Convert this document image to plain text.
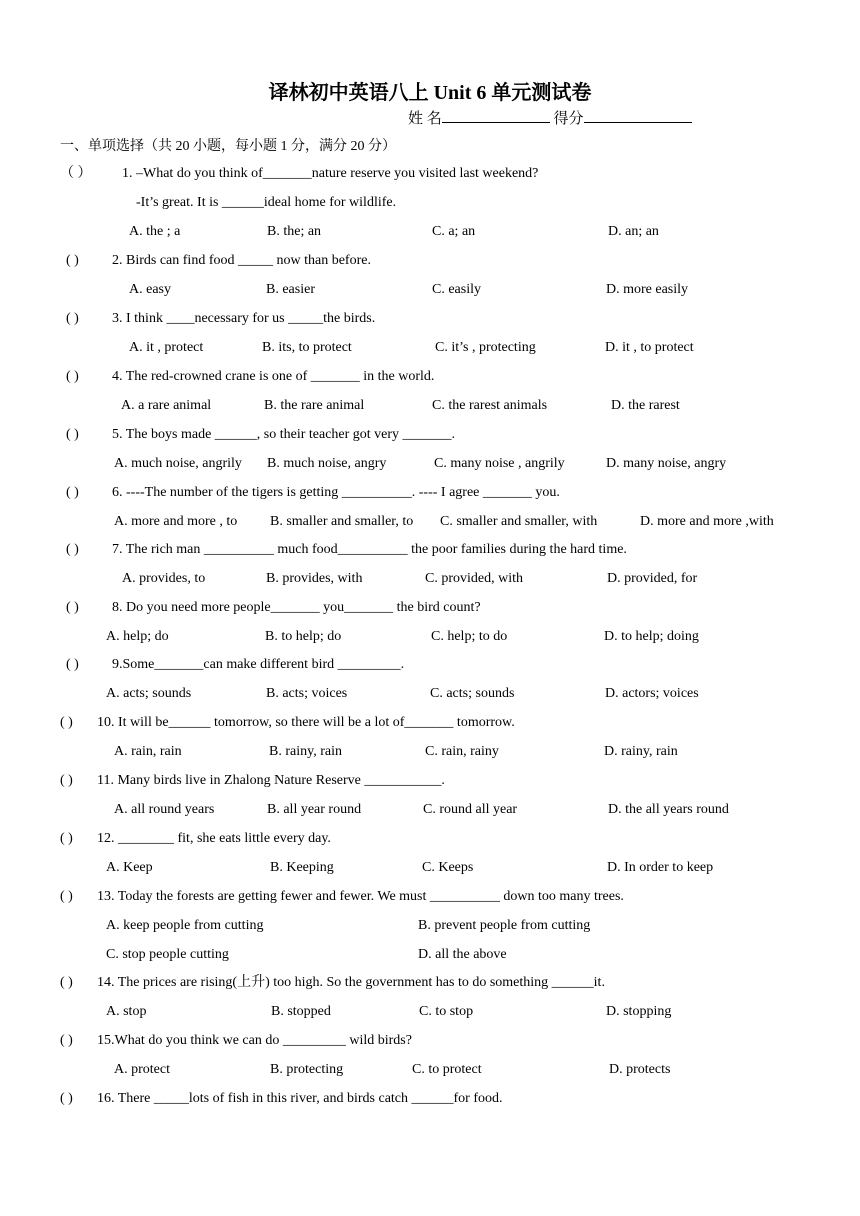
译林初中英语八上 Unit 6 单元测试卷
姓 名	得分
一、单项选择（共 20 小题，每小题 1 分，满分 20 分）
（ ） 1. –What do you think of_______nature reserve you visited last weekend?
-It’s great. It is ______ideal home for wildlife.
A. the ; a	B. the; an	C. a; an	D. an; an
( ) 2. Birds can find food _____ now than before.
A. easy	B. easier	C. easily	D. more easily
( ) 3. I think ____necessary for us _____the birds.
A. it , protect	B. its, to protect	C. it’s , protecting	D. it , to protect
( ) 4. The red-crowned crane is one of _______ in the world.
A. a rare animal	B. the rare animal	C. the rarest animals	D. the rarest
( ) 5. The boys made ______, so their teacher got very _______.
A. much noise, angrily B. much noise, angry	C. many noise , angrily	D. many noise, angry
( ) 6. ----The number of the tigers is getting __________. ---- I agree _______ you.
A. more and more , to B. smaller and smaller, to C. smaller and smaller, with	D. more and more ,with
( ) 7. The rich man __________ much food__________ the poor families during the hard time.
A. provides, to	B. provides, with	C. provided, with	D. provided, for
( ) 8. Do you need more people_______ you_______ the bird count?
A. help; do	B. to help; do	C. help; to do	D. to help; doing
( ) 9.Some_______can make different bird _________.
A. acts; sounds	B. acts; voices	C. acts; sounds	D. actors; voices
( ) 10. It will be______ tomorrow, so there will be a lot of_______ tomorrow.
A. rain, rain	B. rainy, rain	C. rain, rainy	D. rainy, rain
( ) 11. Many birds live in Zhalong Nature Reserve ___________.
A. all round years	B. all year round	C. round all year	D. the all years round
( ) 12. ________ fit, she eats little every day.
A. Keep	B. Keeping	C. Keeps	D. In order to keep
( ) 13. Today the forests are getting fewer and fewer. We must __________ down too many trees.
A. keep people from cutting	B. prevent people from cutting
C. stop people cutting	D. all the above
( ) 14. The prices are rising(上升) too high. So the government has to do something ______it.
A. stop	B. stopped	C. to stop	D. stopping
( ) 15.What do you think we can do _________ wild birds?
A. protect	B. protecting	C. to protect	D. protects
( ) 16. There _____lots of fish in this river, and birds catch ______for food.
